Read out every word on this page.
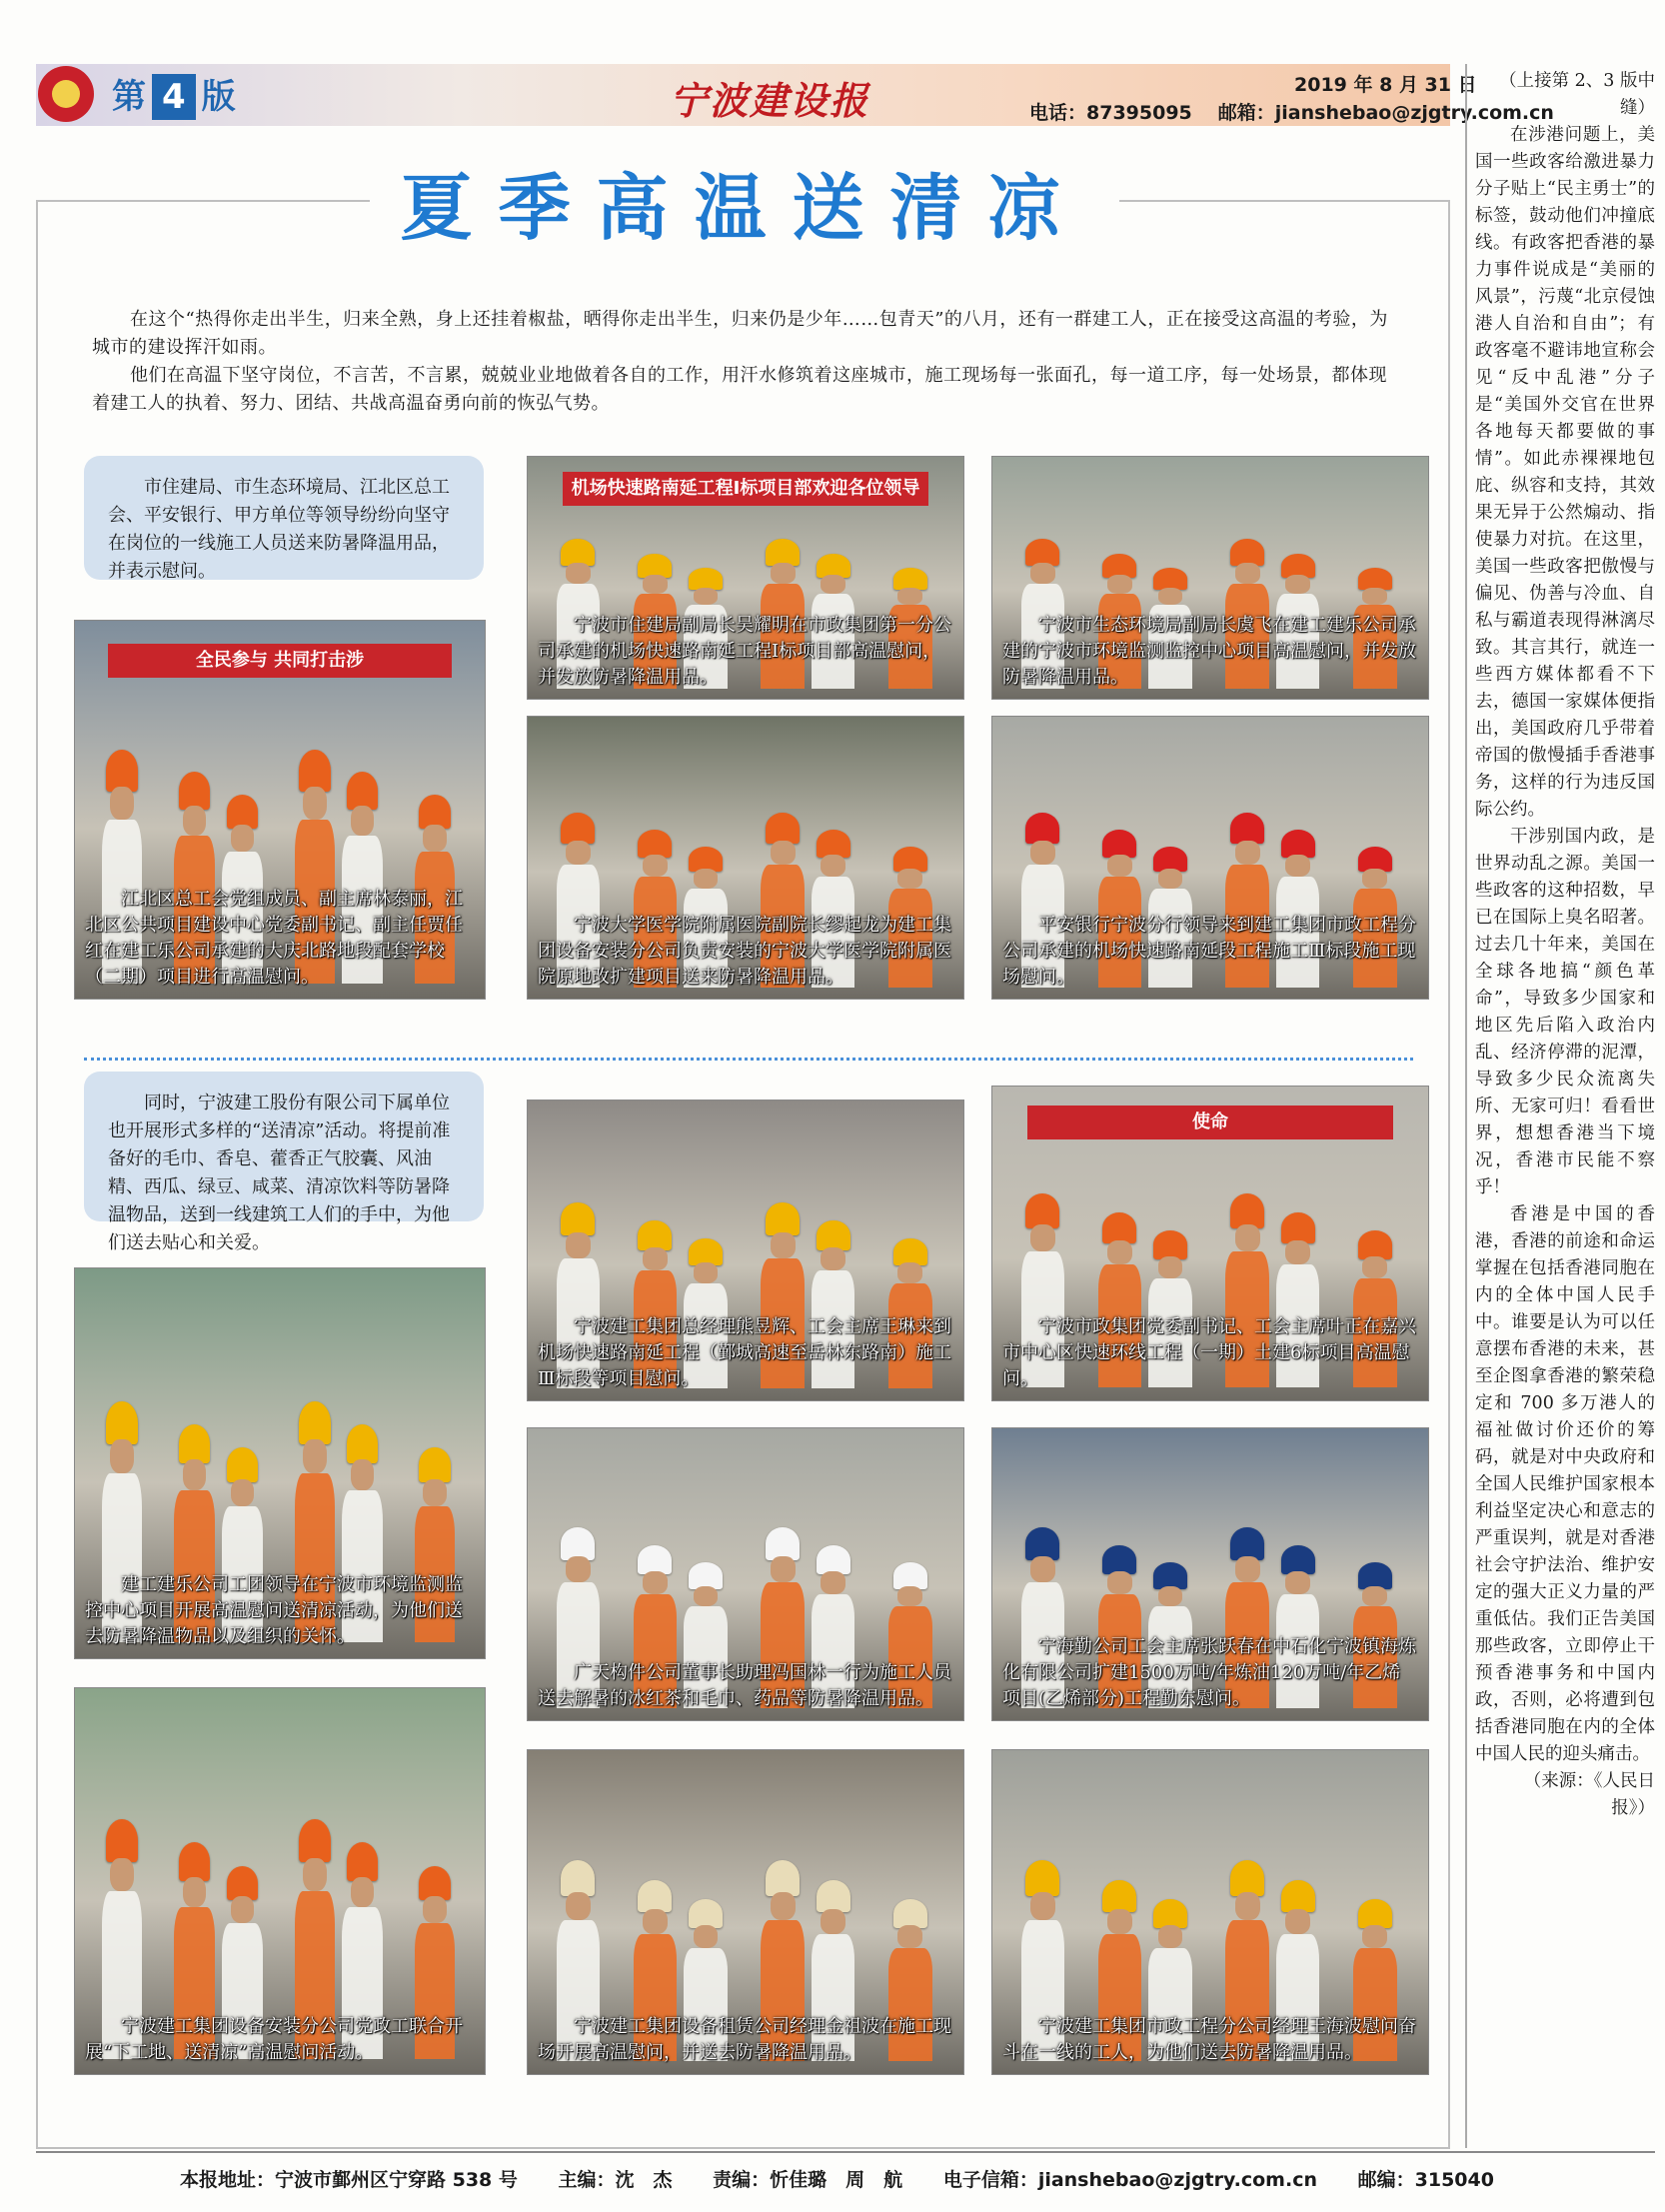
第 4 版	宁波建设报	2019 年 8 月 31 日
电话：87395095 邮箱：jianshebao@zjgtry.com.cn
夏季高温送清凉

在这个“热得你走出半生，归来全熟，身上还挂着椒盐，晒得你走出半生，归来仍是少年……包青天”的八月，还有一群建工人，正在接受这高温的考验，为城市的建设挥汗如雨。

他们在高温下坚守岗位，不言苦，不言累，兢兢业业地做着各自的工作，用汗水修筑着这座城市，施工现场每一张面孔，每一道工序，每一处场景，都体现着建工人的执着、努力、团结、共战高温奋勇向前的恢弘气势。

市住建局、市生态环境局、江北区总工会、平安银行、甲方单位等领导纷纷向坚守在岗位的一线施工人员送来防暑降温用品，并表示慰问。
同时，宁波建工股份有限公司下属单位也开展形式多样的“送清凉”活动。将提前准备好的毛巾、香皂、藿香正气胶囊、风油精、西瓜、绿豆、咸菜、清凉饮料等防暑降温物品，送到一线建筑工人们的手中，为他们送去贴心和关爱。
机场快速路南延工程Ⅰ标项目部欢迎各位领导
宁波市住建局副局长吴耀明在市政集团第一分公司承建的机场快速路南延工程Ⅰ标项目部高温慰问，并发放防暑降温用品。
宁波市生态环境局副局长虞飞在建工建乐公司承建的宁波市环境监测监控中心项目高温慰问，并发放防暑降温用品。
全民参与 共同打击涉
江北区总工会党组成员、副主席林泰丽，江北区公共项目建设中心党委副书记、副主任贾任红在建工乐公司承建的大庆北路地段配套学校（二期）项目进行高温慰问。
宁波大学医学院附属医院副院长缪起龙为建工集团设备安装分公司负责安装的宁波大学医学院附属医院原地改扩建项目送来防暑降温用品。
平安银行宁波分行领导来到建工集团市政工程分公司承建的机场快速路南延段工程施工Ⅲ标段施工现场慰问。
宁波建工集团总经理熊昱辉、工会主席王琳来到机场快速路南延工程（鄞城高速至岳林东路南）施工Ⅲ标段等项目慰问。
使命
宁波市政集团党委副书记、工会主席叶正在嘉兴市中心区快速环线工程（一期）土建6标项目高温慰问。
建工建乐公司工团领导在宁波市环境监测监控中心项目开展高温慰问送清凉活动，为他们送去防暑降温物品以及组织的关怀。
广天构件公司董事长助理冯国林一行为施工人员送去解暑的冰红茶和毛巾、药品等防暑降温用品。
宁海勤公司工会主席张跃春在中石化宁波镇海炼化有限公司扩建1500万吨/年炼油120万吨/年乙烯项目(乙烯部分)工程勤东慰问。
宁波建工集团设备安装分公司党政工联合开展“下工地、送清凉”高温慰问活动。
宁波建工集团设备租赁公司经理金祖波在施工现场开展高温慰问，并送去防暑降温用品。
宁波建工集团市政工程分公司经理王海波慰问奋斗在一线的工人，为他们送去防暑降温用品。

（上接第 2、3 版中缝）

在涉港问题上，美国一些政客给激进暴力分子贴上“民主勇士”的标签，鼓动他们冲撞底线。有政客把香港的暴力事件说成是“美丽的风景”，污蔑“北京侵蚀港人自治和自由”；有政客毫不避讳地宣称会见“反中乱港”分子是“美国外交官在世界各地每天都要做的事情”。如此赤裸裸地包庇、纵容和支持，其效果无异于公然煽动、指使暴力对抗。在这里，美国一些政客把傲慢与偏见、伪善与冷血、自私与霸道表现得淋漓尽致。其言其行，就连一些西方媒体都看不下去，德国一家媒体便指出，美国政府几乎带着帝国的傲慢插手香港事务，这样的行为违反国际公约。

干涉别国内政，是世界动乱之源。美国一些政客的这种招数，早已在国际上臭名昭著。过去几十年来，美国在全球各地搞“颜色革命”，导致多少国家和地区先后陷入政治内乱、经济停滞的泥潭，导致多少民众流离失所、无家可归！看看世界，想想香港当下境况，香港市民能不察乎！

香港是中国的香港，香港的前途和命运掌握在包括香港同胞在内的全体中国人民手中。谁要是认为可以任意摆布香港的未来，甚至企图拿香港的繁荣稳定和 700 多万港人的福祉做讨价还价的筹码，就是对中央政府和全国人民维护国家根本利益坚定决心和意志的严重误判，就是对香港社会守护法治、维护安定的强大正义力量的严重低估。我们正告美国那些政客，立即停止干预香港事务和中国内政，否则，必将遭到包括香港同胞在内的全体中国人民的迎头痛击。

（来源：《人民日报》）

本报地址：宁波市鄞州区宁穿路 538 号 主编：沈　杰 责编：忻佳璐　周　航 电子信箱：jianshebao@zjgtry.com.cn 邮编：315040
